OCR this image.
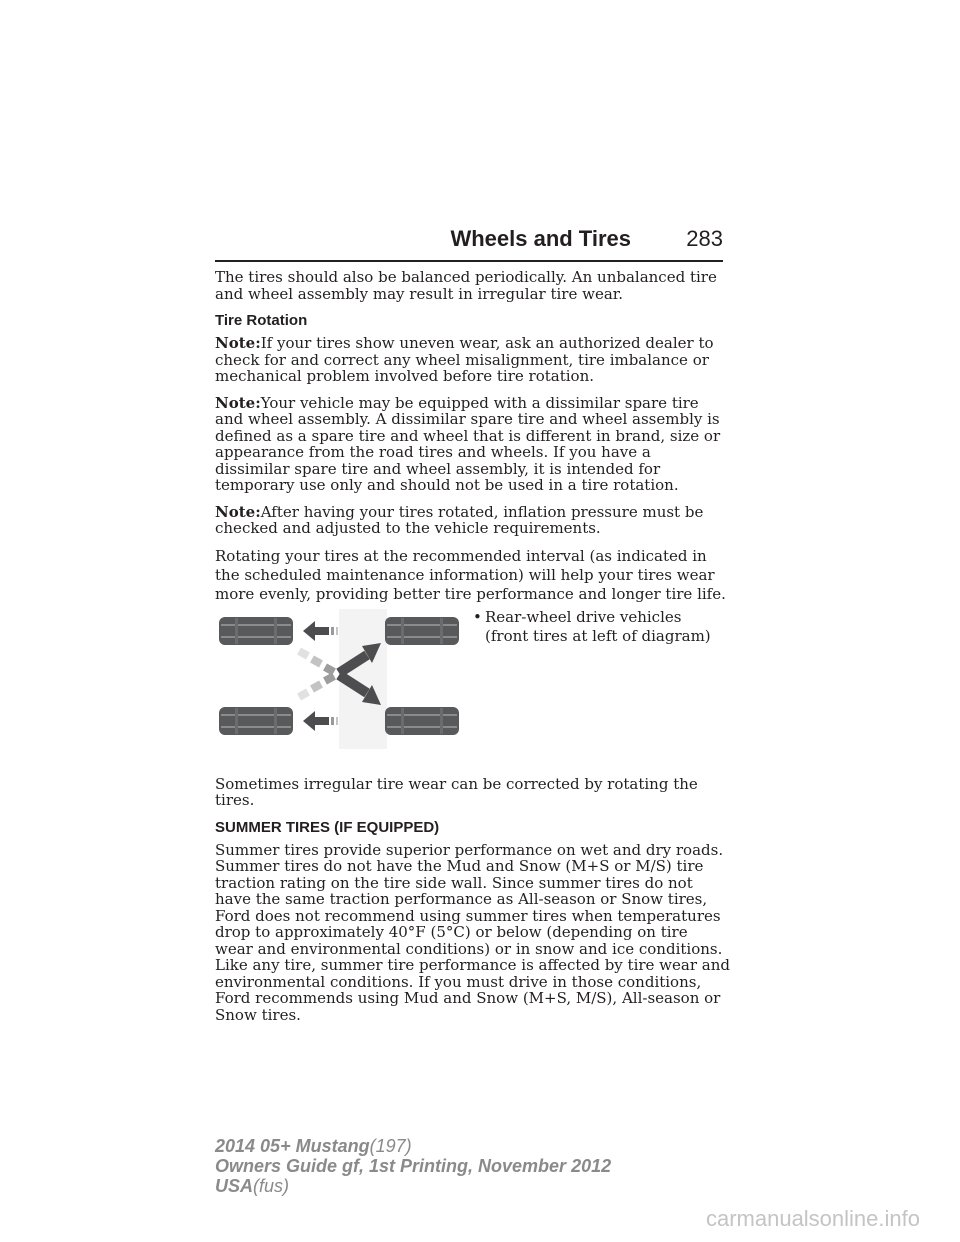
Wheels and Tires	283

The tires should also be balanced periodically. An unbalanced tire and wheel assembly may result in irregular tire wear.

Tire Rotation

Note:If your tires show uneven wear, ask an authorized dealer to check for and correct any wheel misalignment, tire imbalance or mechanical problem involved before tire rotation.

Note:Your vehicle may be equipped with a dissimilar spare tire and wheel assembly. A dissimilar spare tire and wheel assembly is defined as a spare tire and wheel that is different in brand, size or appearance from the road tires and wheels. If you have a dissimilar spare tire and wheel assembly, it is intended for temporary use only and should not be used in a tire rotation.

Note:After having your tires rotated, inflation pressure must be checked and adjusted to the vehicle requirements.

Rotating your tires at the recommended interval (as indicated in the scheduled maintenance information) will help your tires wear more evenly, providing better tire performance and longer tire life.

• Rear-wheel drive vehicles (front tires at left of diagram)

Sometimes irregular tire wear can be corrected by rotating the tires.

SUMMER TIRES (IF EQUIPPED)

Summer tires provide superior performance on wet and dry roads. Summer tires do not have the Mud and Snow (M+S or M/S) tire traction rating on the tire side wall. Since summer tires do not have the same traction performance as All-season or Snow tires, Ford does not recommend using summer tires when temperatures drop to approximately 40°F (5°C) or below (depending on tire wear and environmental conditions) or in snow and ice conditions. Like any tire, summer tire performance is affected by tire wear and environmental conditions. If you must drive in those conditions, Ford recommends using Mud and Snow (M+S, M/S), All-season or Snow tires.

2014 05+ Mustang(197)
Owners Guide gf, 1st Printing, November 2012
USA(fus)
carmanualsonline.info
